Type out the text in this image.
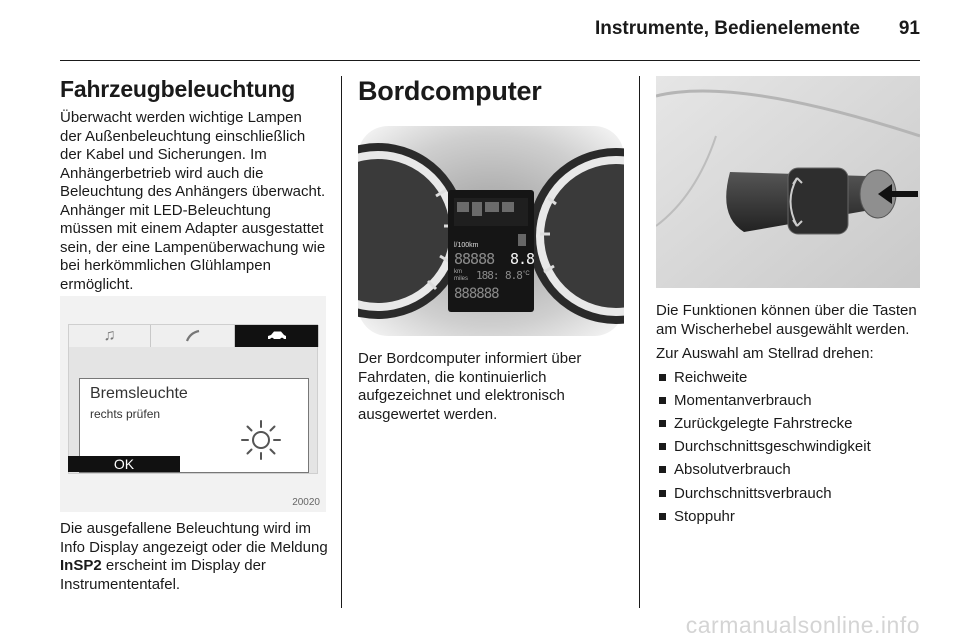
Instrumente, Bedienelemente	91
Fahrzeugbeleuchtung

Überwacht werden wichtige Lampen der Außenbeleuchtung einschließlich der Kabel und Sicherungen. Im Anhängerbetrieb wird auch die Beleuchtung des Anhängers überwacht. Anhänger mit LED-Beleuchtung müssen mit einem Adapter ausgestattet sein, der eine Lampenüberwachung wie bei herkömmlichen Glühlampen ermöglicht.

♫
Bremsleuchte
rechts prüfen
OK
20020

Die ausgefallene Beleuchtung wird im Info Display angezeigt oder die Meldung InSP2 erscheint im Display der Instrumententafel.

Bordcomputer
l/100km
88888 8.8
km
miles 188: 8.8 °C
888888

Der Bordcomputer informiert über Fahrdaten, die kontinuierlich aufgezeichnet und elektronisch ausgewertet werden.

Die Funktionen können über die Tasten am Wischerhebel ausgewählt werden.

Zur Auswahl am Stellrad drehen:

Reichweite
Momentanverbrauch
Zurückgelegte Fahrstrecke
Durchschnittsgeschwindigkeit
Absolutverbrauch
Durchschnittsverbrauch
Stoppuhr
carmanualsonline.info
